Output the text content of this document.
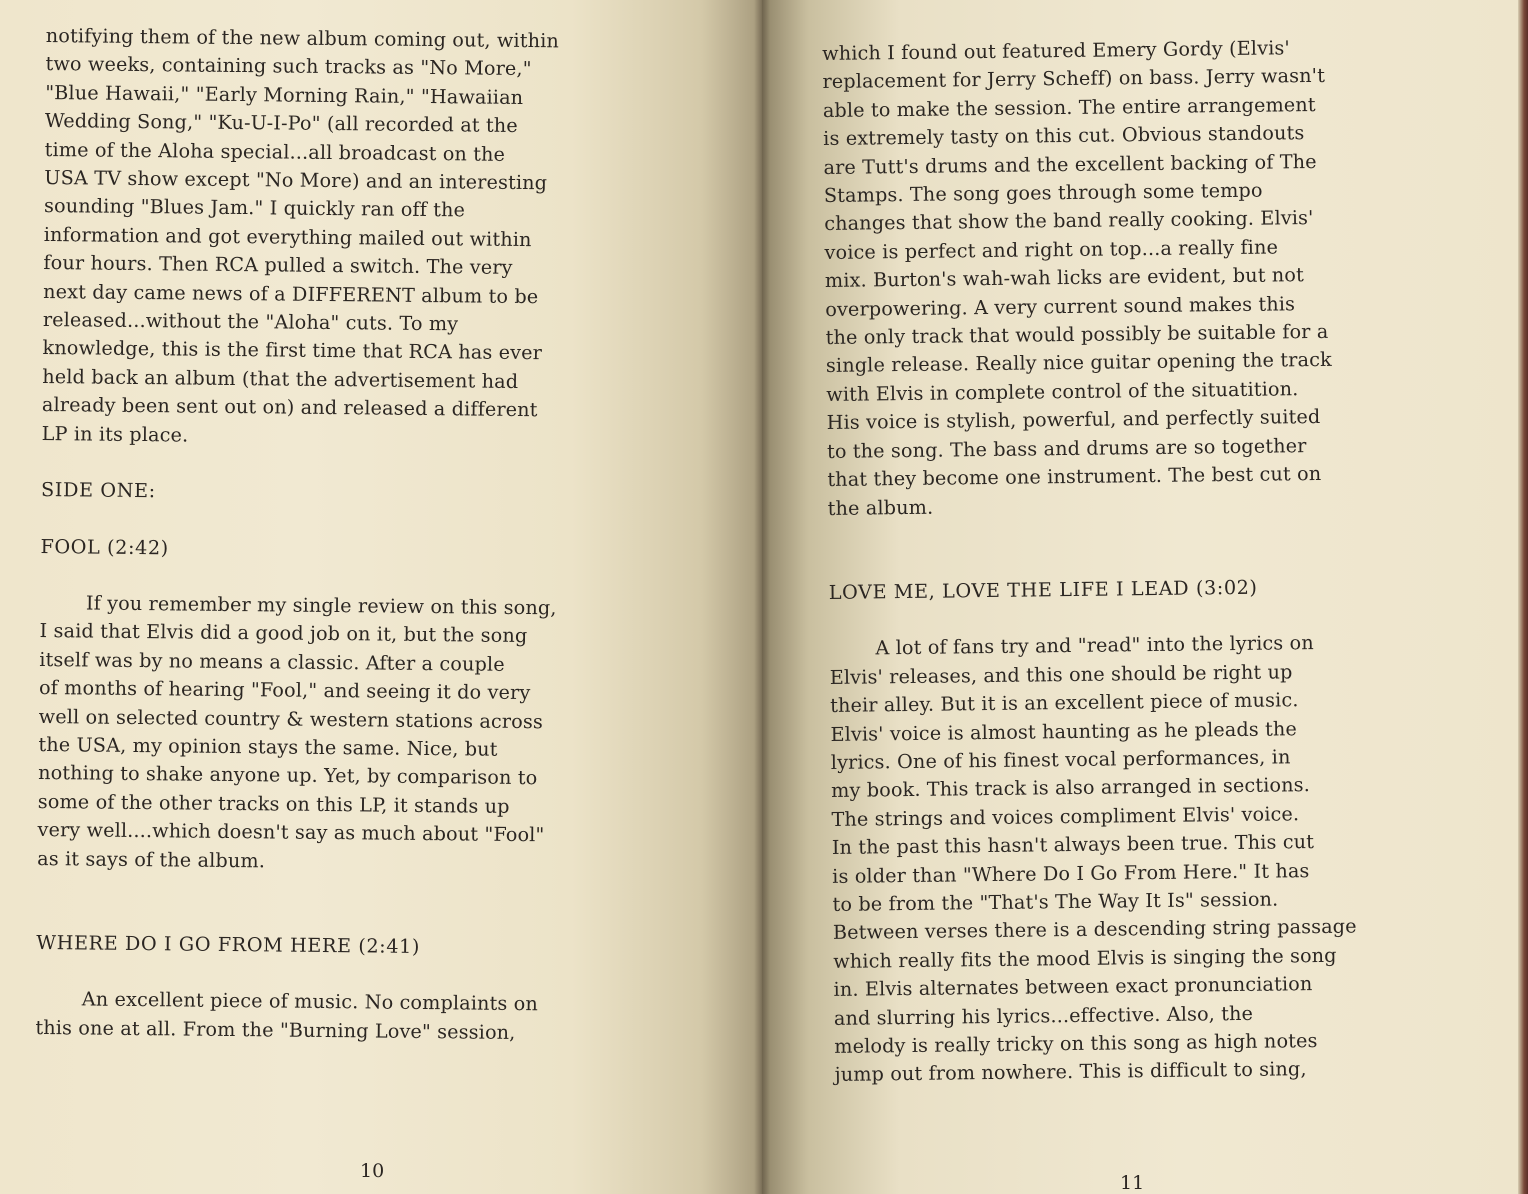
notifying them of the new album coming out, within

two weeks, containing such tracks as "No More,"

"Blue Hawaii," "Early Morning Rain," "Hawaiian

Wedding Song," "Ku-U-I-Po" (all recorded at the

time of the Aloha special...all broadcast on the

USA TV show except "No More) and an interesting

sounding "Blues Jam." I quickly ran off the

information and got everything mailed out within

four hours. Then RCA pulled a switch. The very

next day came news of a DIFFERENT album to be

released...without the "Aloha" cuts. To my

knowledge, this is the first time that RCA has ever

held back an album (that the advertisement had

already been sent out on) and released a different

LP in its place.

SIDE ONE:

FOOL (2:42)

If you remember my single review on this song,

I said that Elvis did a good job on it, but the song

itself was by no means a classic. After a couple

of months of hearing "Fool," and seeing it do very

well on selected country & western stations across

the USA, my opinion stays the same. Nice, but

nothing to shake anyone up. Yet, by comparison to

some of the other tracks on this LP, it stands up

very well....which doesn't say as much about "Fool"

as it says of the album.

WHERE DO I GO FROM HERE (2:41)

An excellent piece of music. No complaints on

this one at all. From the "Burning Love" session,

10

which I found out featured Emery Gordy (Elvis'

replacement for Jerry Scheff) on bass. Jerry wasn't

able to make the session. The entire arrangement

is extremely tasty on this cut. Obvious standouts

are Tutt's drums and the excellent backing of The

Stamps. The song goes through some tempo

changes that show the band really cooking. Elvis'

voice is perfect and right on top...a really fine

mix. Burton's wah-wah licks are evident, but not

overpowering. A very current sound makes this

the only track that would possibly be suitable for a

single release. Really nice guitar opening the track

with Elvis in complete control of the situatition.

His voice is stylish, powerful, and perfectly suited

to the song. The bass and drums are so together

that they become one instrument. The best cut on

the album.

LOVE ME, LOVE THE LIFE I LEAD (3:02)

A lot of fans try and "read" into the lyrics on

Elvis' releases, and this one should be right up

their alley. But it is an excellent piece of music.

Elvis' voice is almost haunting as he pleads the

lyrics. One of his finest vocal performances, in

my book. This track is also arranged in sections.

The strings and voices compliment Elvis' voice.

In the past this hasn't always been true. This cut

is older than "Where Do I Go From Here." It has

to be from the "That's The Way It Is" session.

Between verses there is a descending string passage

which really fits the mood Elvis is singing the song

in. Elvis alternates between exact pronunciation

and slurring his lyrics...effective. Also, the

melody is really tricky on this song as high notes

jump out from nowhere. This is difficult to sing,

11
